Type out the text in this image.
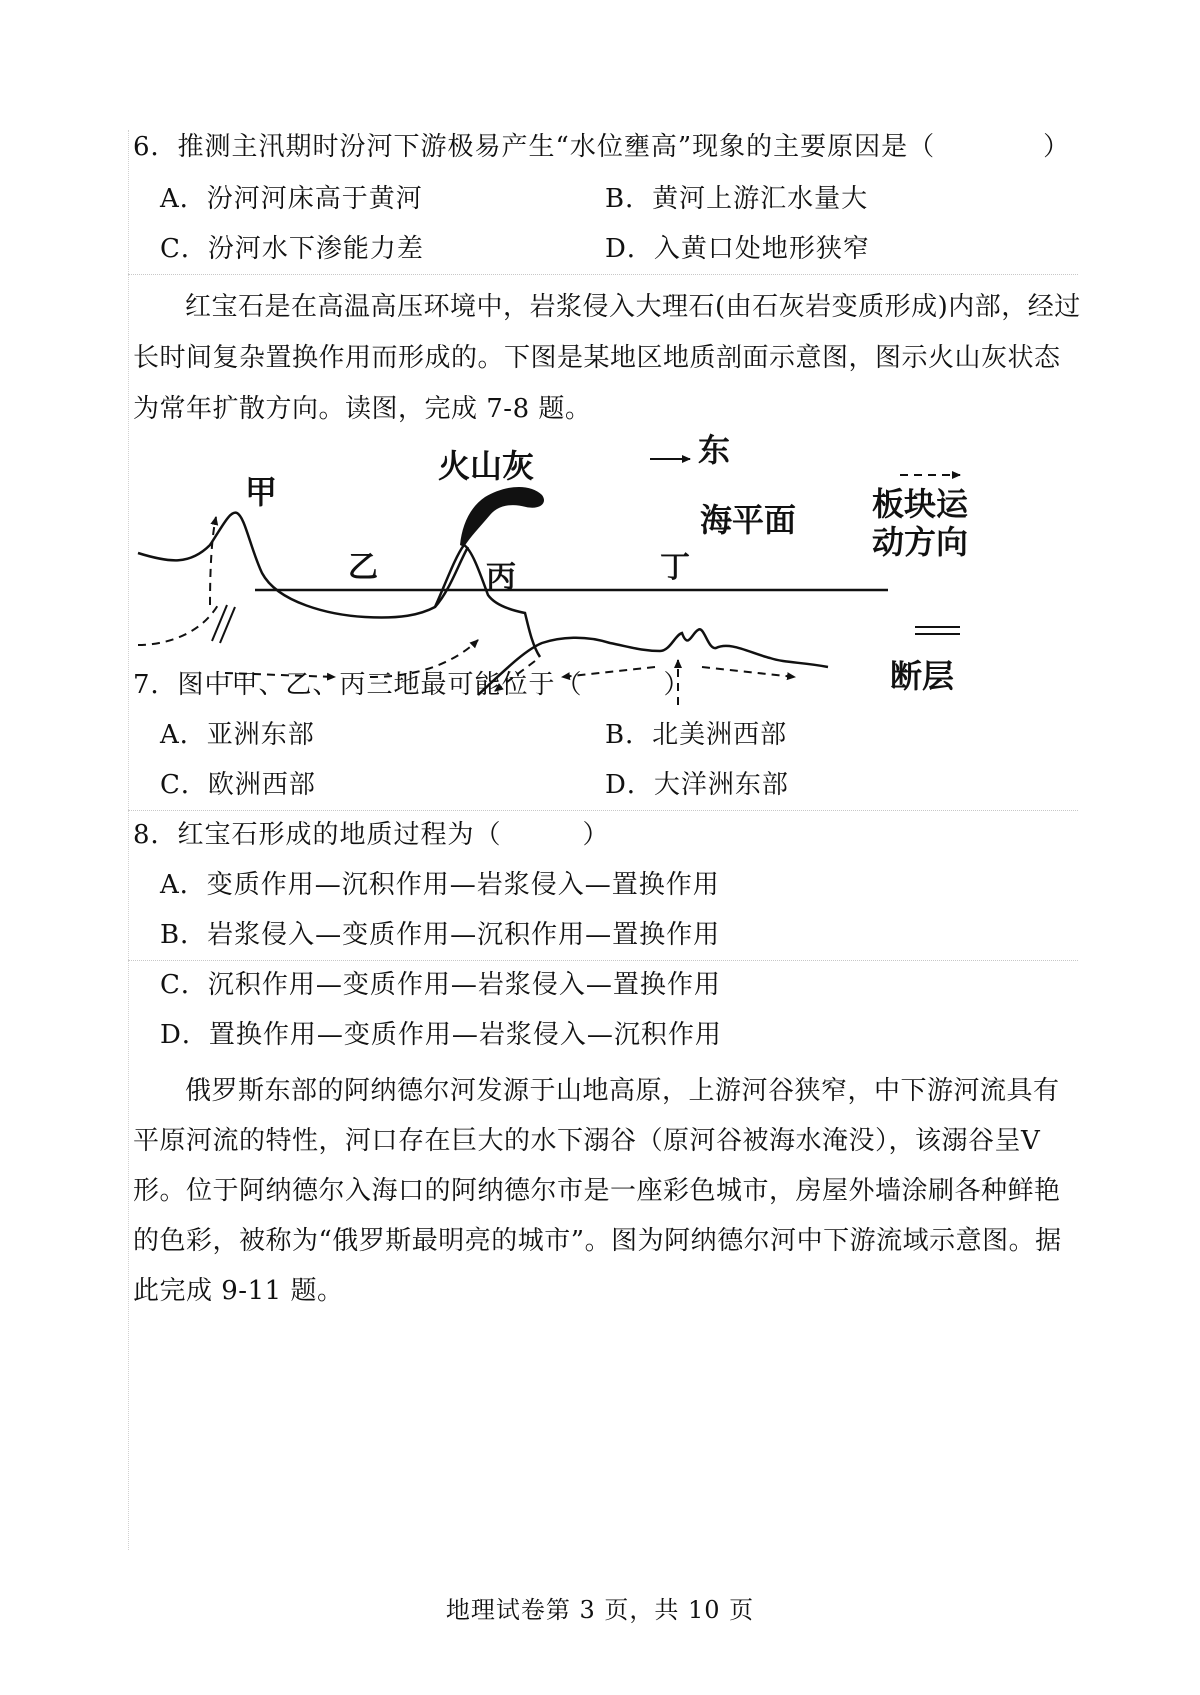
6．推测主汛期时汾河下游极易产生“水位壅高”现象的主要原因是（　　　　）
A．汾河河床高于黄河	B．黄河上游汇水量大
C．汾河水下渗能力差	D．入黄口处地形狭窄
红宝石是在高温高压环境中，岩浆侵入大理石(由石灰岩变质形成)内部，经过长时间复杂置换作用而形成的。下图是某地区地质剖面示意图，图示火山灰状态为常年扩散方向。读图，完成 7-8 题。
甲
乙	丙	丁
火山灰	东
海平面 板块运
动方向
断层
7．图中甲、乙、丙三地最可能位于（　　　）
A．亚洲东部	B．北美洲西部
C．欧洲西部	D．大洋洲东部
8．红宝石形成的地质过程为（　　　）
A．变质作用—沉积作用—岩浆侵入—置换作用
B．岩浆侵入—变质作用—沉积作用—置换作用
C．沉积作用—变质作用—岩浆侵入—置换作用
D．置换作用—变质作用—岩浆侵入—沉积作用
俄罗斯东部的阿纳德尔河发源于山地高原，上游河谷狭窄，中下游河流具有平原河流的特性，河口存在巨大的水下溺谷（原河谷被海水淹没），该溺谷呈Ⅴ形。位于阿纳德尔入海口的阿纳德尔市是一座彩色城市，房屋外墙涂刷各种鲜艳的色彩，被称为“俄罗斯最明亮的城市”。图为阿纳德尔河中下游流域示意图。据此完成 9-11 题。
地理试卷第 3 页，共 10 页
